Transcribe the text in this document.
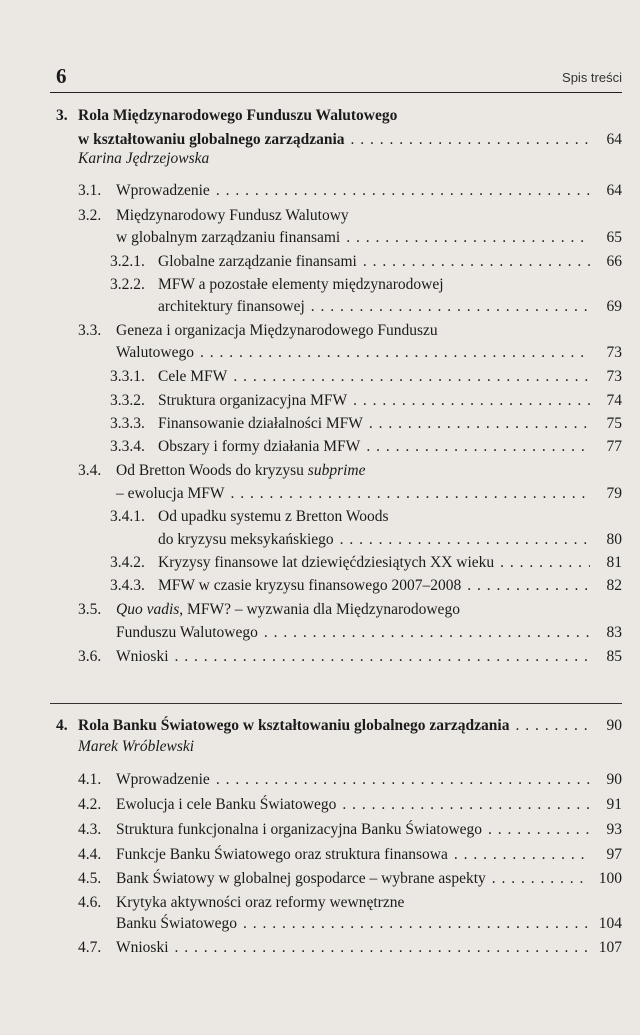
6	Spis treści
3. Rola Międzynarodowego Funduszu Walutowego
w kształtowaniu globalnego zarządzania . . .	64
Karina Jędrzejowska
3.1. Wprowadzenie . . .	64
3.2. Międzynarodowy Fundusz Walutowy
w globalnym zarządzaniu finansami . . .	65
3.2.1. Globalne zarządzanie finansami . . .	66
3.2.2. MFW a pozostałe elementy międzynarodowej
architektury finansowej . . .	69
3.3. Geneza i organizacja Międzynarodowego Funduszu
Walutowego . . .	73
3.3.1. Cele MFW . . .	73
3.3.2. Struktura organizacyjna MFW . . .	74
3.3.3. Finansowanie działalności MFW . . .	75
3.3.4. Obszary i formy działania MFW . . .	77
3.4. Od Bretton Woods do kryzysu subprime
– ewolucja MFW . . .	79
3.4.1. Od upadku systemu z Bretton Woods
do kryzysu meksykańskiego . . .	80
3.4.2. Kryzysy finansowe lat dziewięćdziesiątych XX wieku . . .	81
3.4.3. MFW w czasie kryzysu finansowego 2007–2008 . . .	82
3.5. Quo vadis , MFW? – wyzwania dla Międzynarodowego
Funduszu Walutowego . . .	83
3.6. Wnioski . . .	85
4. Rola Banku Światowego w kształtowaniu globalnego zarządzania . . .	90
Marek Wróblewski
4.1. Wprowadzenie . . .	90
4.2. Ewolucja i cele Banku Światowego . . .	91
4.3. Struktura funkcjonalna i organizacyjna Banku Światowego . . .	93
4.4. Funkcje Banku Światowego oraz struktura finansowa . . .	97
4.5. Bank Światowy w globalnej gospodarce – wybrane aspekty . . .	100
4.6. Krytyka aktywności oraz reformy wewnętrzne
Banku Światowego . . .	104
4.7. Wnioski . . .	107
